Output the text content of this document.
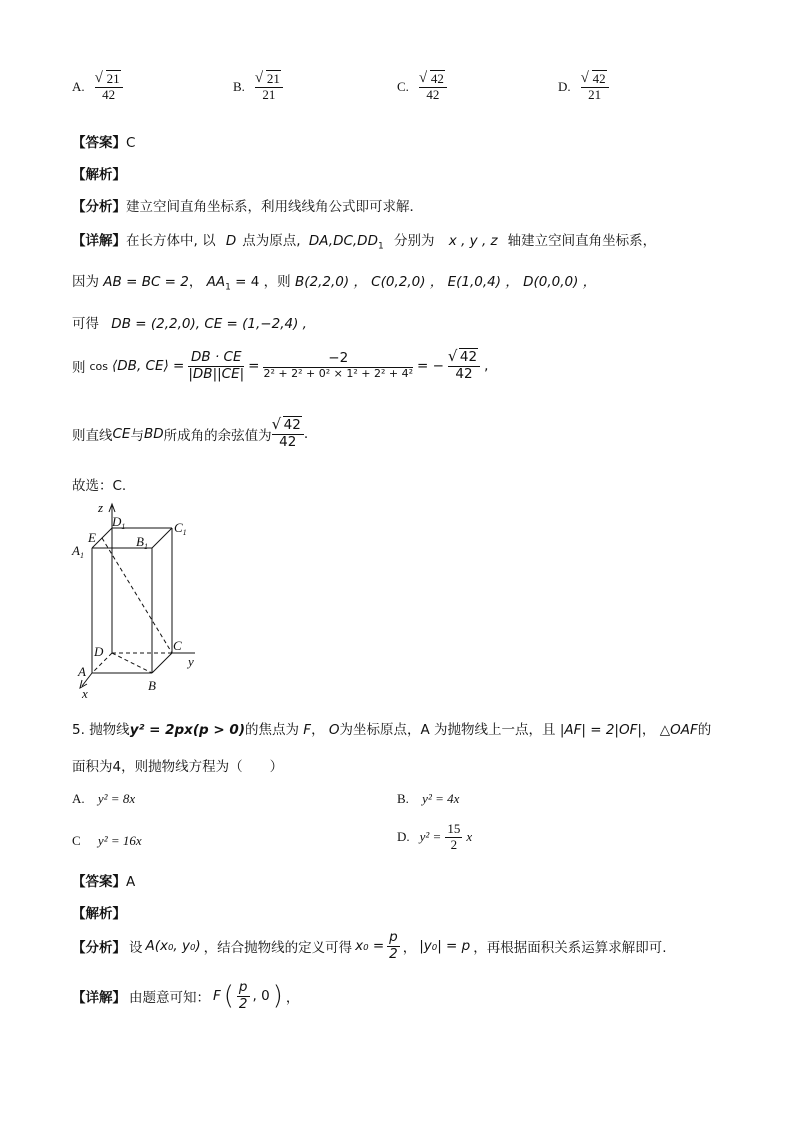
A. √ $\frac{21}{42}$	B. √ $\frac{21}{21}$	C. √ $\frac{42}{42}$	D. √ $\frac{42}{21}$
【答案】C
【解析】
【分析】建立空间直角坐标系，利用线线角公式即可求解．
【详解】在长方体中, 以 D 点为原点, $DA,DC,DD_1$ 分别为 x , y , z 轴建立空间直角坐标系，
因为 AB = BC = 2， $AA_1 = 4$ ，则 B(2,2,0) ， C(0,2,0) ， E(1,0,4) ， D(0,0,0) ，
可得 DB = (2,2,0), CE = (1,−2,4) ,
则 cos ⟨DB, CE⟩ = $\frac{DB \cdot CE}{|DB||CE|} = \frac{-2}{\text{2² + 2² + 0² × 1² + 2² + 4²}}$ = − √ $\frac{42}{42}$ ,
则直线 CE 与 BD 所成角的余弦值为 √ $\frac{42}{42}$ .
故选：C.
z
$D_1$	$C_1$
E	$B_1$
$A_1$
D	C
y
A
B
x
5. 抛物线y² = 2px(p > 0)的焦点为 F， O为坐标原点，A 为抛物线上一点，且 |AF| = 2|OF|， △OAF的
面积为4，则抛物线方程为（　　）
A. y² = 8x	B. y² = 4x
C y² = 16x	D. $y^2 = \frac{15}{2}$ x
【答案】A
【解析】
【分析】 设 A(x₀, y₀) ，结合抛物线的定义可得 $x_0 = \frac{p}{2}$ ， |y₀| = p ，再根据面积关系运算求解即可.
【详解】 由题意可知： F ( $\frac{p}{2}$ , 0 ) ，
